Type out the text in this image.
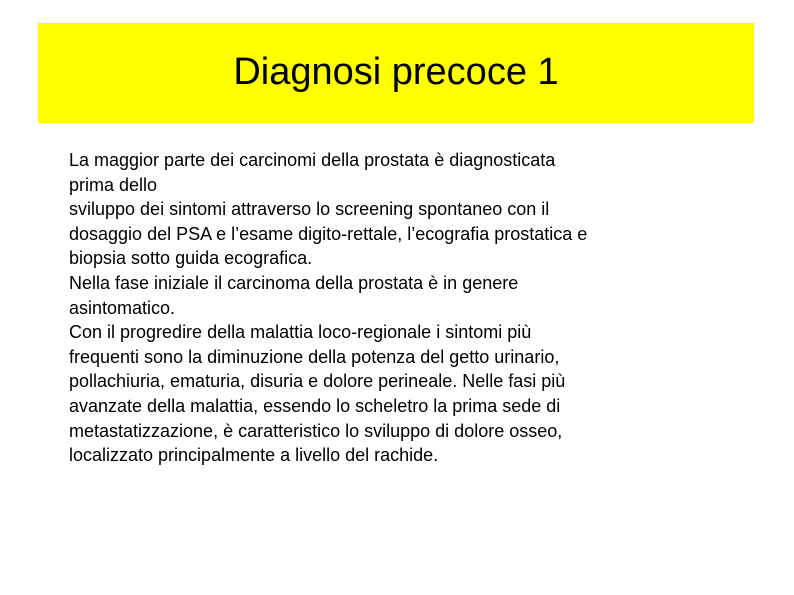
Diagnosi precoce 1
La maggior parte dei carcinomi della prostata è diagnosticata
prima dello
sviluppo dei sintomi attraverso lo screening spontaneo con il
dosaggio del PSA e l’esame digito-rettale, l’ecografia prostatica e
biopsia sotto guida ecografica.
Nella fase iniziale il carcinoma della prostata è in genere
asintomatico.
Con il progredire della malattia loco-regionale i sintomi più
frequenti sono la diminuzione della potenza del getto urinario,
pollachiuria, ematuria, disuria e dolore perineale. Nelle fasi più
avanzate della malattia, essendo lo scheletro la prima sede di
metastatizzazione, è caratteristico lo sviluppo di dolore osseo,
localizzato principalmente a livello del rachide.
